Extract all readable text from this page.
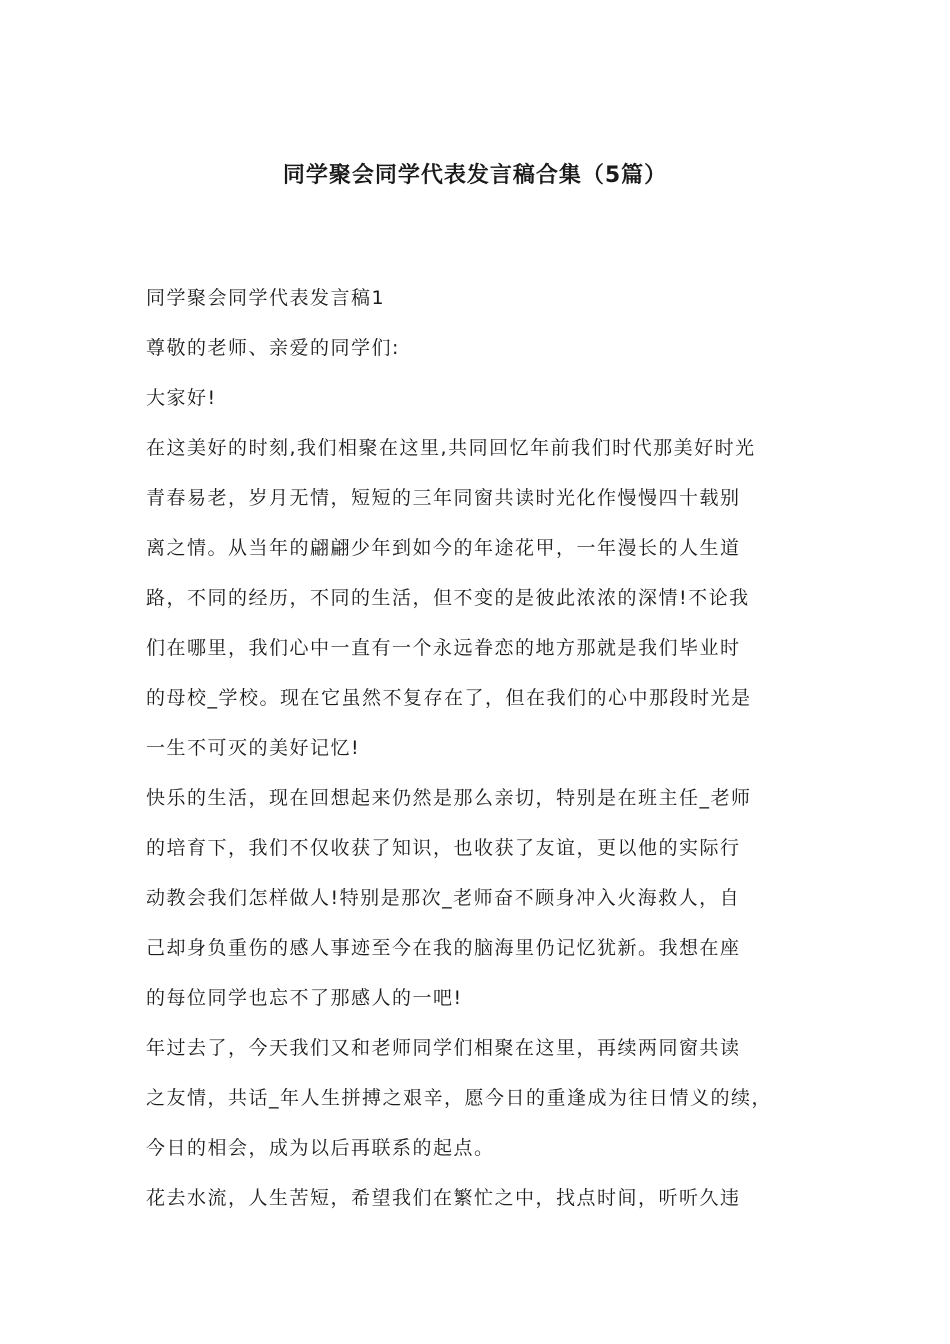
同学聚会同学代表发言稿合集（5篇）
同学聚会同学代表发言稿1
尊敬的老师、亲爱的同学们:
大家好!
在这美好的时刻,我们相聚在这里,共同回忆年前我们时代那美好时光
青春易老，岁月无情，短短的三年同窗共读时光化作慢慢四十载别
离之情。从当年的翩翩少年到如今的年途花甲，一年漫长的人生道
路，不同的经历，不同的生活，但不变的是彼此浓浓的深情!不论我
们在哪里，我们心中一直有一个永远眷恋的地方那就是我们毕业时
的母校_学校。现在它虽然不复存在了，但在我们的心中那段时光是
一生不可灭的美好记忆!
快乐的生活，现在回想起来仍然是那么亲切，特别是在班主任_老师
的培育下，我们不仅收获了知识，也收获了友谊，更以他的实际行
动教会我们怎样做人!特别是那次_老师奋不顾身冲入火海救人，自
己却身负重伤的感人事迹至今在我的脑海里仍记忆犹新。我想在座
的每位同学也忘不了那感人的一吧!
年过去了，今天我们又和老师同学们相聚在这里，再续两同窗共读
之友情，共话_年人生拼搏之艰辛，愿今日的重逢成为往日情义的续，
今日的相会，成为以后再联系的起点。
花去水流，人生苦短，希望我们在繁忙之中，找点时间，听听久违
